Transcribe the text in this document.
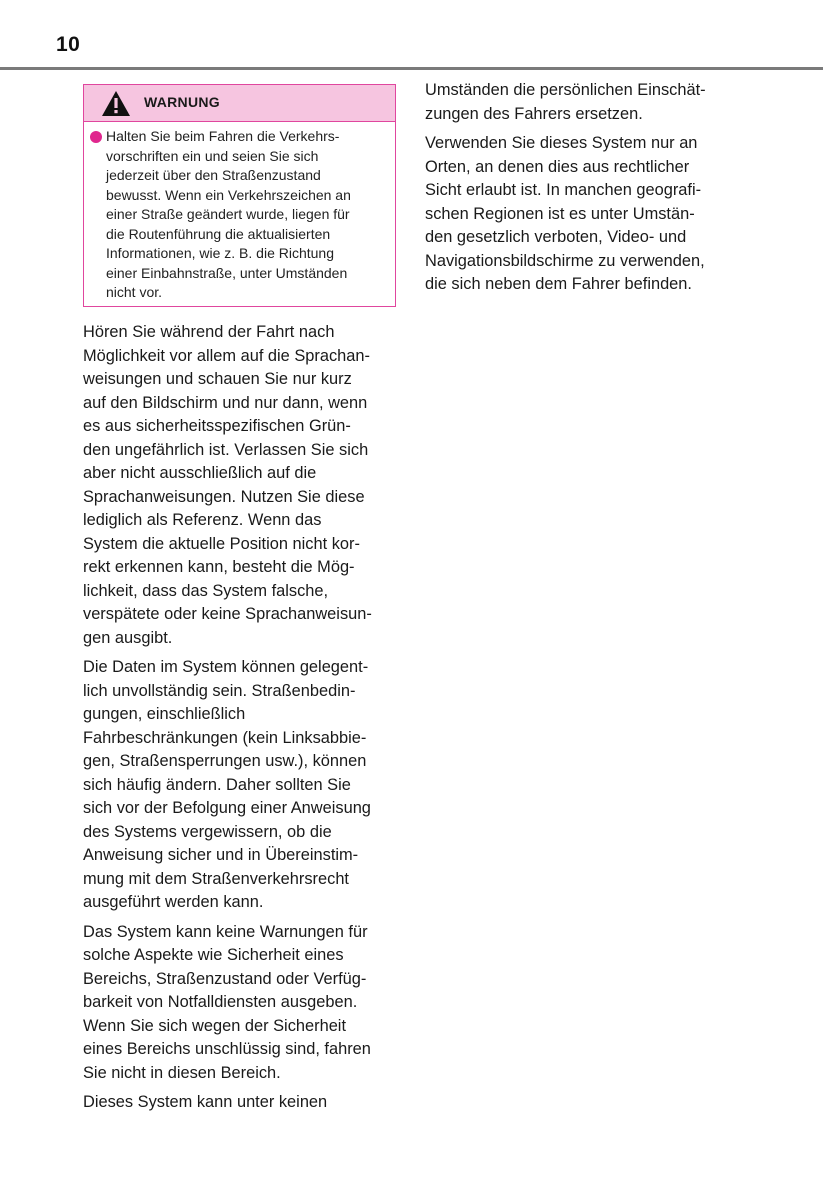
10
WARNUNG
Halten Sie beim Fahren die Verkehrs-
vorschriften ein und seien Sie sich
jederzeit über den Straßenzustand
bewusst. Wenn ein Verkehrszeichen an
einer Straße geändert wurde, liegen für
die Routenführung die aktualisierten
Informationen, wie z. B. die Richtung
einer Einbahnstraße, unter Umständen
nicht vor.

Hören Sie während der Fahrt nach
Möglichkeit vor allem auf die Sprachan-
weisungen und schauen Sie nur kurz
auf den Bildschirm und nur dann, wenn
es aus sicherheitsspezifischen Grün-
den ungefährlich ist. Verlassen Sie sich
aber nicht ausschließlich auf die
Sprachanweisungen. Nutzen Sie diese
lediglich als Referenz. Wenn das
System die aktuelle Position nicht kor-
rekt erkennen kann, besteht die Mög-
lichkeit, dass das System falsche,
verspätete oder keine Sprachanweisun-
gen ausgibt.

Die Daten im System können gelegent-
lich unvollständig sein. Straßenbedin-
gungen, einschließlich
Fahrbeschränkungen (kein Linksabbie-
gen, Straßensperrungen usw.), können
sich häufig ändern. Daher sollten Sie
sich vor der Befolgung einer Anweisung
des Systems vergewissern, ob die
Anweisung sicher und in Übereinstim-
mung mit dem Straßenverkehrsrecht
ausgeführt werden kann.

Das System kann keine Warnungen für
solche Aspekte wie Sicherheit eines
Bereichs, Straßenzustand oder Verfüg-
barkeit von Notfalldiensten ausgeben.
Wenn Sie sich wegen der Sicherheit
eines Bereichs unschlüssig sind, fahren
Sie nicht in diesen Bereich.

Dieses System kann unter keinen

Umständen die persönlichen Einschät-
zungen des Fahrers ersetzen.

Verwenden Sie dieses System nur an
Orten, an denen dies aus rechtlicher
Sicht erlaubt ist. In manchen geografi-
schen Regionen ist es unter Umstän-
den gesetzlich verboten, Video- und
Navigationsbildschirme zu verwenden,
die sich neben dem Fahrer befinden.
